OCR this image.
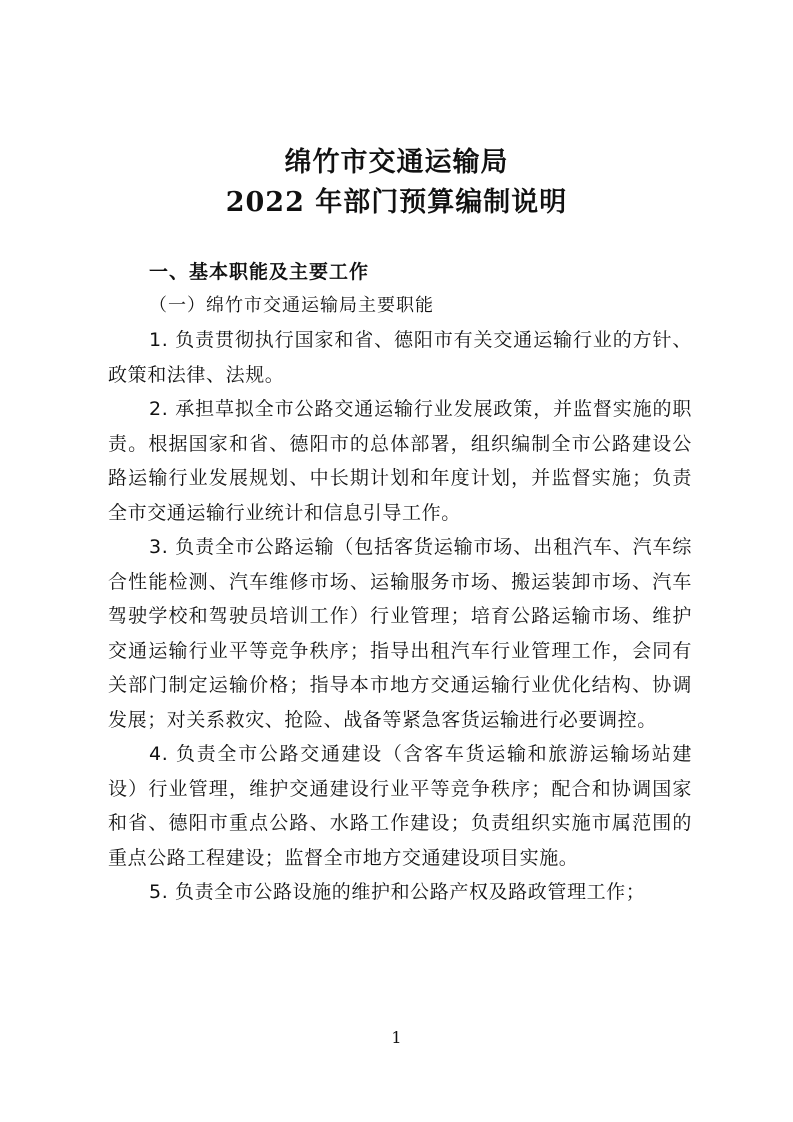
绵竹市交通运输局
2022 年部门预算编制说明
一、基本职能及主要工作
（一）绵竹市交通运输局主要职能

1. 负责贯彻执行国家和省、德阳市有关交通运输行业的方针、政策和法律、法规。

2. 承担草拟全市公路交通运输行业发展政策，并监督实施的职责。根据国家和省、德阳市的总体部署，组织编制全市公路建设公路运输行业发展规划、中长期计划和年度计划，并监督实施；负责全市交通运输行业统计和信息引导工作。

3. 负责全市公路运输（包括客货运输市场、出租汽车、汽车综合性能检测、汽车维修市场、运输服务市场、搬运装卸市场、汽车驾驶学校和驾驶员培训工作）行业管理；培育公路运输市场、维护交通运输行业平等竞争秩序；指导出租汽车行业管理工作，会同有关部门制定运输价格；指导本市地方交通运输行业优化结构、协调发展；对关系救灾、抢险、战备等紧急客货运输进行必要调控。

4. 负责全市公路交通建设（含客车货运输和旅游运输场站建设）行业管理，维护交通建设行业平等竞争秩序；配合和协调国家和省、德阳市重点公路、水路工作建设；负责组织实施市属范围的重点公路工程建设；监督全市地方交通建设项目实施。

5. 负责全市公路设施的维护和公路产权及路政管理工作；

1
